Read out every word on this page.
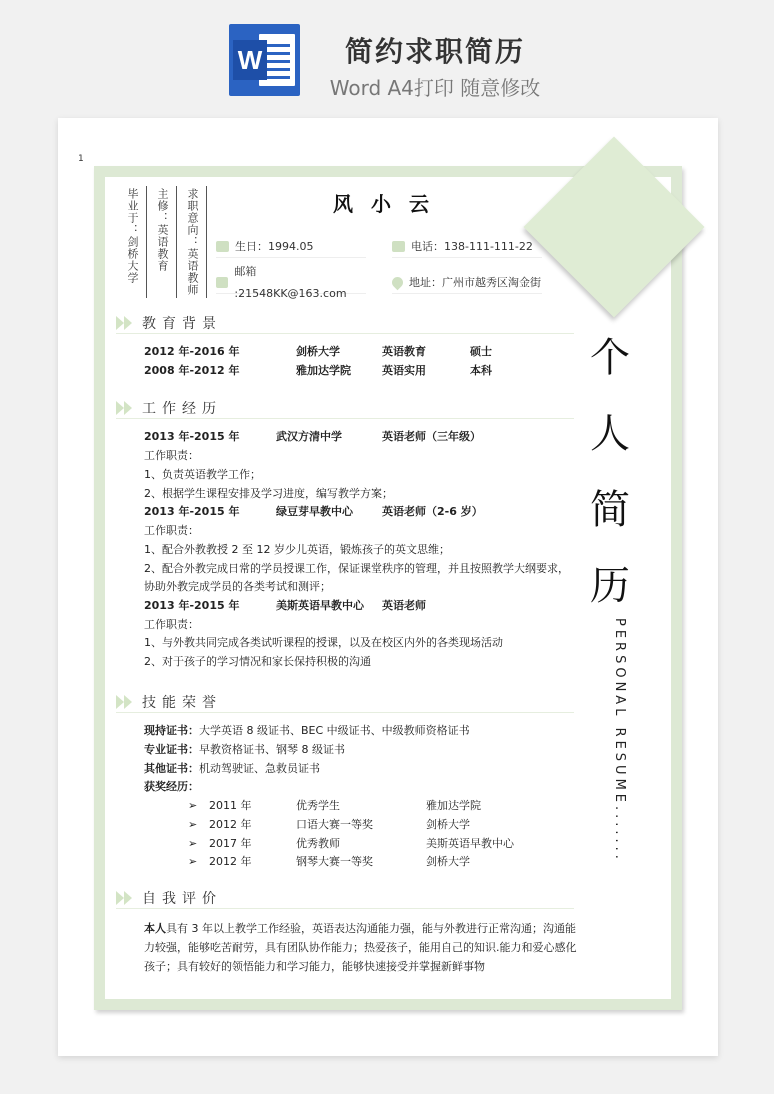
W	简约求职简历
Word A4打印 随意修改
1
毕业于：剑桥大学 主修：英语教育 求职意向：英语教师	风小云
生日：1994.05	电话：138-111-111-22
邮箱 :21548KK@163.com
地址：广州市越秀区淘金街
个
人
简
历
PERSONAL RESUME.......
教育背景
2012 年-2016 年	剑桥大学	英语教育	硕士
2008 年-2012 年	雅加达学院	英语实用	本科
工作经历
2013 年-2015 年	武汉方清中学	英语老师（三年级）
工作职责：
1、负责英语教学工作；
2、根据学生课程安排及学习进度，编写教学方案；
2013 年-2015 年	绿豆芽早教中心	英语老师（2-6 岁）
工作职责：
1、配合外教教授 2 至 12 岁少儿英语，锻炼孩子的英文思维；
2、配合外教完成日常的学员授课工作，保证课堂秩序的管理，并且按照教学大纲要求，
协助外教完成学员的各类考试和测评；
2013 年-2015 年	美斯英语早教中心 英语老师
工作职责：
1、与外教共同完成各类试听课程的授课，以及在校区内外的各类现场活动
2、对于孩子的学习情况和家长保持积极的沟通
技能荣誉
现持证书：大学英语 8 级证书、BEC 中级证书、中级教师资格证书
专业证书：早教资格证书、钢琴 8 级证书
其他证书：机动驾驶证、急救员证书
获奖经历：
➢ 2011 年	优秀学生	雅加达学院
➢ 2012 年	口语大赛一等奖	剑桥大学
➢ 2017 年	优秀教师	美斯英语早教中心
➢ 2012 年	钢琴大赛一等奖	剑桥大学
自我评价
本人具有 3 年以上教学工作经验，英语表达沟通能力强，能与外教进行正常沟通；沟通能力较强，能够吃苦耐劳，具有团队协作能力；热爱孩子，能用自己的知识.能力和爱心感化孩子；具有较好的领悟能力和学习能力，能够快速接受并掌握新鲜事物
